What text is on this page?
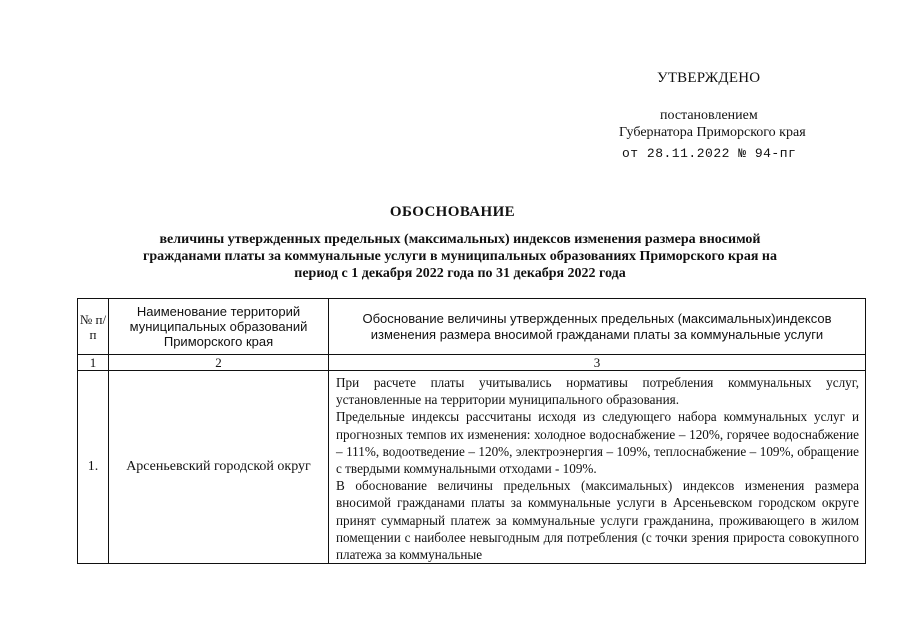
УТВЕРЖДЕНО
постановлением
Губернатора Приморского края
от 28.11.2022 № 94-пг
ОБОСНОВАНИЕ
величины утвержденных предельных (максимальных) индексов изменения размера вносимой гражданами платы за коммунальные услуги в муниципальных образованиях Приморского края на период с 1 декабря 2022 года по 31 декабря 2022 года
№ п/п	Наименование территорий муниципальных образований Приморского края	Обоснование величины утвержденных предельных (максимальных)индексов изменения размера вносимой гражданами платы за коммунальные услуги
1	2	3
1.	Арсеньевский городской округ	При расчете платы учитывались нормативы потребления коммунальных услуг, установленные на территории муниципального образования.

Предельные индексы рассчитаны исходя из следующего набора коммунальных услуг и прогнозных темпов их изменения: холодное водоснабжение – 120%, горячее водоснабжение – 111%, водоотведение – 120%, электроэнергия – 109%, теплоснабжение – 109%, обращение с твердыми коммунальными отходами - 109%.

В обоснование величины предельных (максимальных) индексов изменения размера вносимой гражданами платы за коммунальные услуги в Арсеньевском городском округе принят суммарный платеж за коммунальные услуги гражданина, проживающего в жилом помещении с наиболее невыгодным для потребления (с точки зрения прироста совокупного платежа за коммунальные
